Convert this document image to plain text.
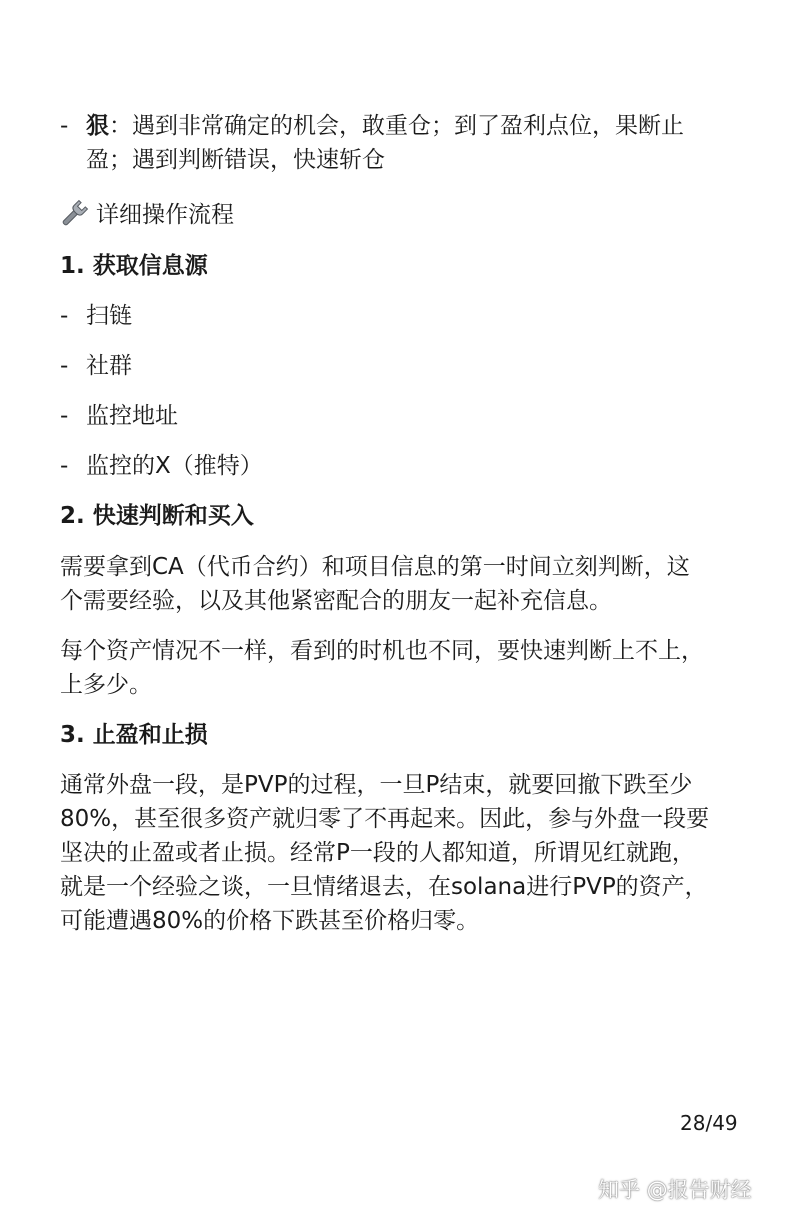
- 狠：遇到非常确定的机会，敢重仓；到了盈利点位，果断止
盈；遇到判断错误，快速斩仓
详细操作流程
1. 获取信息源
- 扫链
- 社群
- 监控地址
- 监控的X（推特）
2. 快速判断和买入
需要拿到CA（代币合约）和项目信息的第一时间立刻判断，这
个需要经验，以及其他紧密配合的朋友一起补充信息。
每个资产情况不一样，看到的时机也不同，要快速判断上不上，
上多少。
3. 止盈和止损
通常外盘一段，是PVP的过程，一旦P结束，就要回撤下跌至少
80%，甚至很多资产就归零了不再起来。因此，参与外盘一段要
坚决的止盈或者止损。经常P一段的人都知道，所谓见红就跑，
就是一个经验之谈，一旦情绪退去，在solana进行PVP的资产，
可能遭遇80%的价格下跌甚至价格归零。
28/49
知乎 @报告财经
